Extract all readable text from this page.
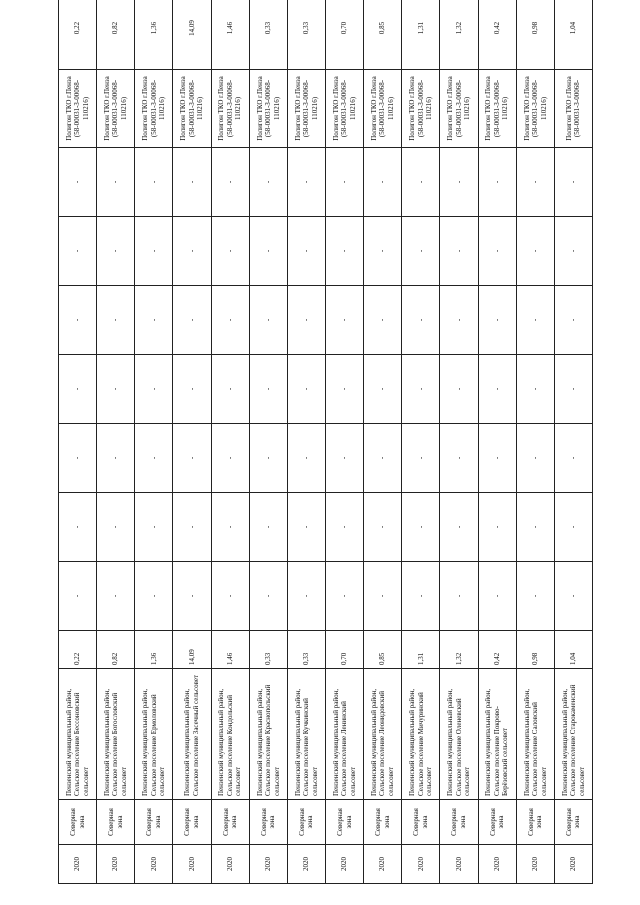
2020	Северная зона	Пензенский муниципальный район, Сельское поселение Бессоновский сельсовет	0,22	-	-	-	-	-	-	-	Полигон ТКО г.Пенза (58-00031-З-00068-110216)	0,22	
2020	Северная зона	Пензенский муниципальный район, Сельское поселение Богословский сельсовет	0,82	-	-	-	-	-	-	-	Полигон ТКО г.Пенза (58-00031-З-00068-110216)	0,82	
2020	Северная зона	Пензенский муниципальный район, Сельское поселение Ермоловский сельсовет	1,36	-	-	-	-	-	-	-	Полигон ТКО г.Пенза (58-00031-З-00068-110216)	1,36	
2020	Северная зона	Пензенский муниципальный район, Сельское поселение Засечный сельсовет	14,09	-	-	-	-	-	-	-	Полигон ТКО г.Пенза (58-00031-З-00068-110216)	14,09	
2020	Северная зона	Пензенский муниципальный район, Сельское поселение Кондольский сельсовет	1,46	-	-	-	-	-	-	-	Полигон ТКО г.Пенза (58-00031-З-00068-110216)	1,46	
2020	Северная зона	Пензенский муниципальный район, Сельское поселение Краснопольский сельсовет	0,33	-	-	-	-	-	-	-	Полигон ТКО г.Пенза (58-00031-З-00068-110216)	0,33	
2020	Северная зона	Пензенский муниципальный район, Сельское поселение Кучкинский сельсовет	0,33	-	-	-	-	-	-	-	Полигон ТКО г.Пенза (58-00031-З-00068-110216)	0,33	
2020	Северная зона	Пензенский муниципальный район, Сельское поселение Ленинский сельсовет	0,70	-	-	-	-	-	-	-	Полигон ТКО г.Пенза (58-00031-З-00068-110216)	0,70	
2020	Северная зона	Пензенский муниципальный район, Сельское поселение Леонидовский сельсовет	0,85	-	-	-	-	-	-	-	Полигон ТКО г.Пенза (58-00031-З-00068-110216)	0,85	
2020	Северная зона	Пензенский муниципальный район, Сельское поселение Мичуринский сельсовет	1,31	-	-	-	-	-	-	-	Полигон ТКО г.Пенза (58-00031-З-00068-110216)	1,31	
2020	Северная зона	Пензенский муниципальный район, Сельское поселение Оленевский сельсовет	1,32	-	-	-	-	-	-	-	Полигон ТКО г.Пенза (58-00031-З-00068-110216)	1,32	
2020	Северная зона	Пензенский муниципальный район, Сельское поселение Покрово-Берёзовский сельсовет	0,42	-	-	-	-	-	-	-	Полигон ТКО г.Пенза (58-00031-З-00068-110216)	0,42	
2020	Северная зона	Пензенский муниципальный район, Сельское поселение Саловский сельсовет	0,98	-	-	-	-	-	-	-	Полигон ТКО г.Пенза (58-00031-З-00068-110216)	0,98	
2020	Северная зона	Пензенский муниципальный район, Сельское поселение Старокаменский сельсовет	1,04	-	-	-	-	-	-	-	Полигон ТКО г.Пенза (58-00031-З-00068-	1,04	
